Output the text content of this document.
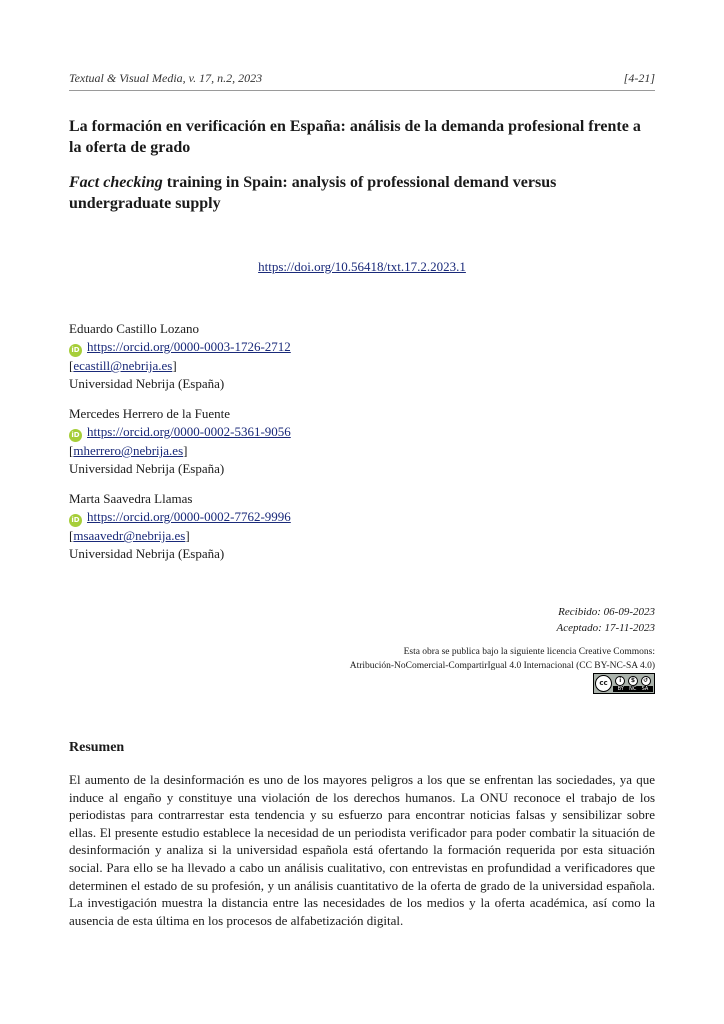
Textual & Visual Media, v. 17, n.2, 2023	[4-21]
La formación en verificación en España: análisis de la demanda profesional frente a la oferta de grado
Fact checking training in Spain: analysis of professional demand versus undergraduate supply
https://doi.org/10.56418/txt.17.2.2023.1
Eduardo Castillo Lozano
iD https://orcid.org/0000-0003-1726-2712
[ecastill@nebrija.es]
Universidad Nebrija (España)
Mercedes Herrero de la Fuente
iD https://orcid.org/0000-0002-5361-9056
[mherrero@nebrija.es]
Universidad Nebrija (España)
Marta Saavedra Llamas
iD https://orcid.org/0000-0002-7762-9996
[msaavedr@nebrija.es]
Universidad Nebrija (España)
Recibido: 06-09-2023
Aceptado: 17-11-2023
Esta obra se publica bajo la siguiente licencia Creative Commons:
Atribución-NoComercial-CompartirIgual 4.0 Internacional (CC BY-NC-SA 4.0)
cc	i	$	↺
BY NC SA
Resumen

El aumento de la desinformación es uno de los mayores peligros a los que se enfrentan las sociedades, ya que induce al engaño y constituye una violación de los derechos humanos. La ONU reconoce el trabajo de los periodistas para contrarrestar esta tendencia y su esfuerzo para encontrar noticias falsas y sensibilizar sobre ellas. El presente estudio establece la necesidad de un periodista verificador para poder combatir la situación de desinformación y analiza si la universidad española está ofertando la formación requerida por esta situación social. Para ello se ha llevado a cabo un análisis cualitativo, con entrevistas en profundidad a verificadores que determinen el estado de su profesión, y un análisis cuantitativo de la oferta de grado de la universidad española. La investigación muestra la distancia entre las necesidades de los medios y la oferta académica, así como la ausencia de esta última en los procesos de alfabetización digital.
